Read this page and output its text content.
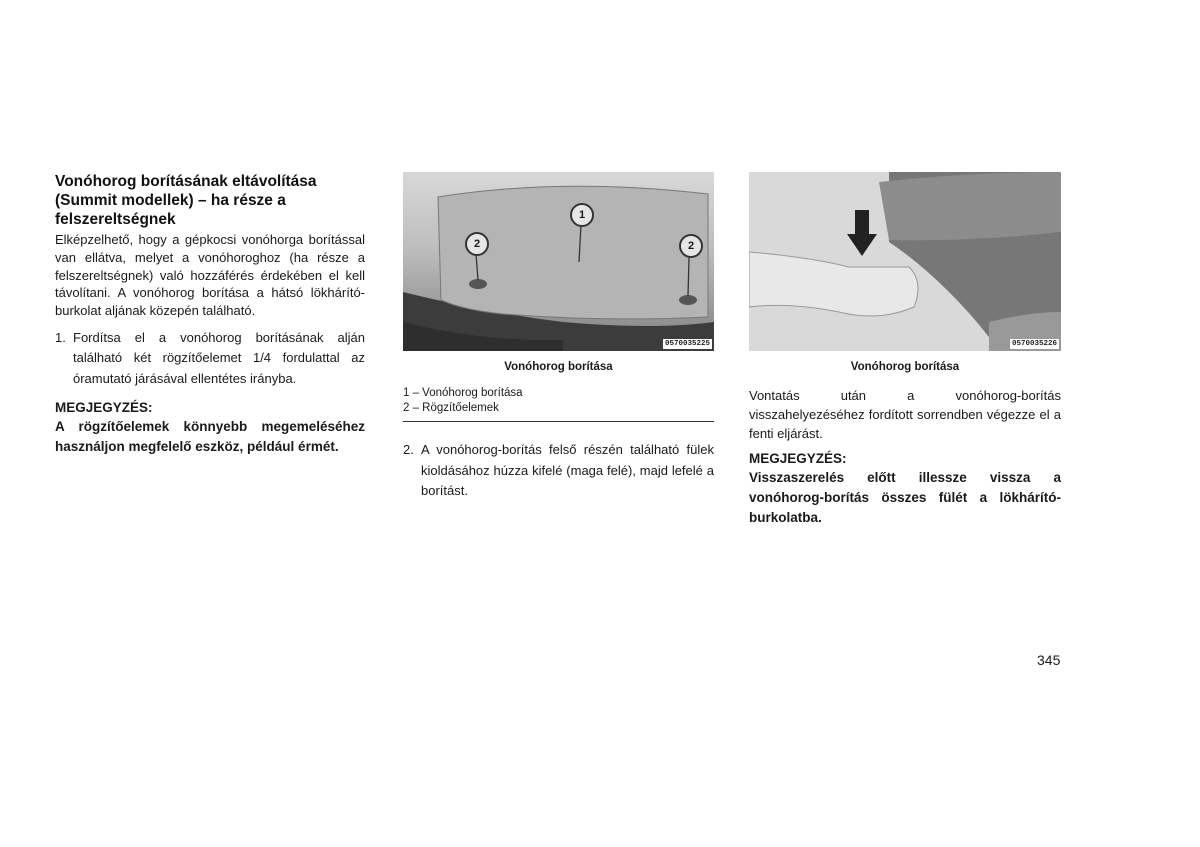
Vonóhorog borításának eltávolítása (Summit modellek) – ha része a felszereltségnek

Elképzelhető, hogy a gépkocsi vonóhorga borítással van ellátva, melyet a vonóhoroghoz (ha része a felszereltségnek) való hozzáférés érdekében el kell távolítani. A vonóhorog borítása a hátsó lökhárító-burkolat aljának közepén található.

1. Fordítsa el a vonóhorog borításának alján található két rögzítőelemet 1/4 fordulattal az óramutató járásával ellentétes irányba.

MEGJEGYZÉS:

A rögzítőelemek könnyebb megemeléséhez használjon megfelelő eszköz, például érmét.

1
2	2
0570035225
Vonóhorog borítása
1 – Vonóhorog borítása
2 – Rögzítőelemek
2. A vonóhorog-borítás felső részén található fülek kioldásához húzza kifelé (maga felé), majd lefelé a borítást.
0570035226
Vonóhorog borítása

Vontatás után a vonóhorog-borítás visszahelyezéséhez fordított sorrendben végezze el a fenti eljárást.

MEGJEGYZÉS:

Visszaszerelés előtt illessze vissza a vonóhorog-borítás összes fülét a lökhárító-burkolatba.

345
